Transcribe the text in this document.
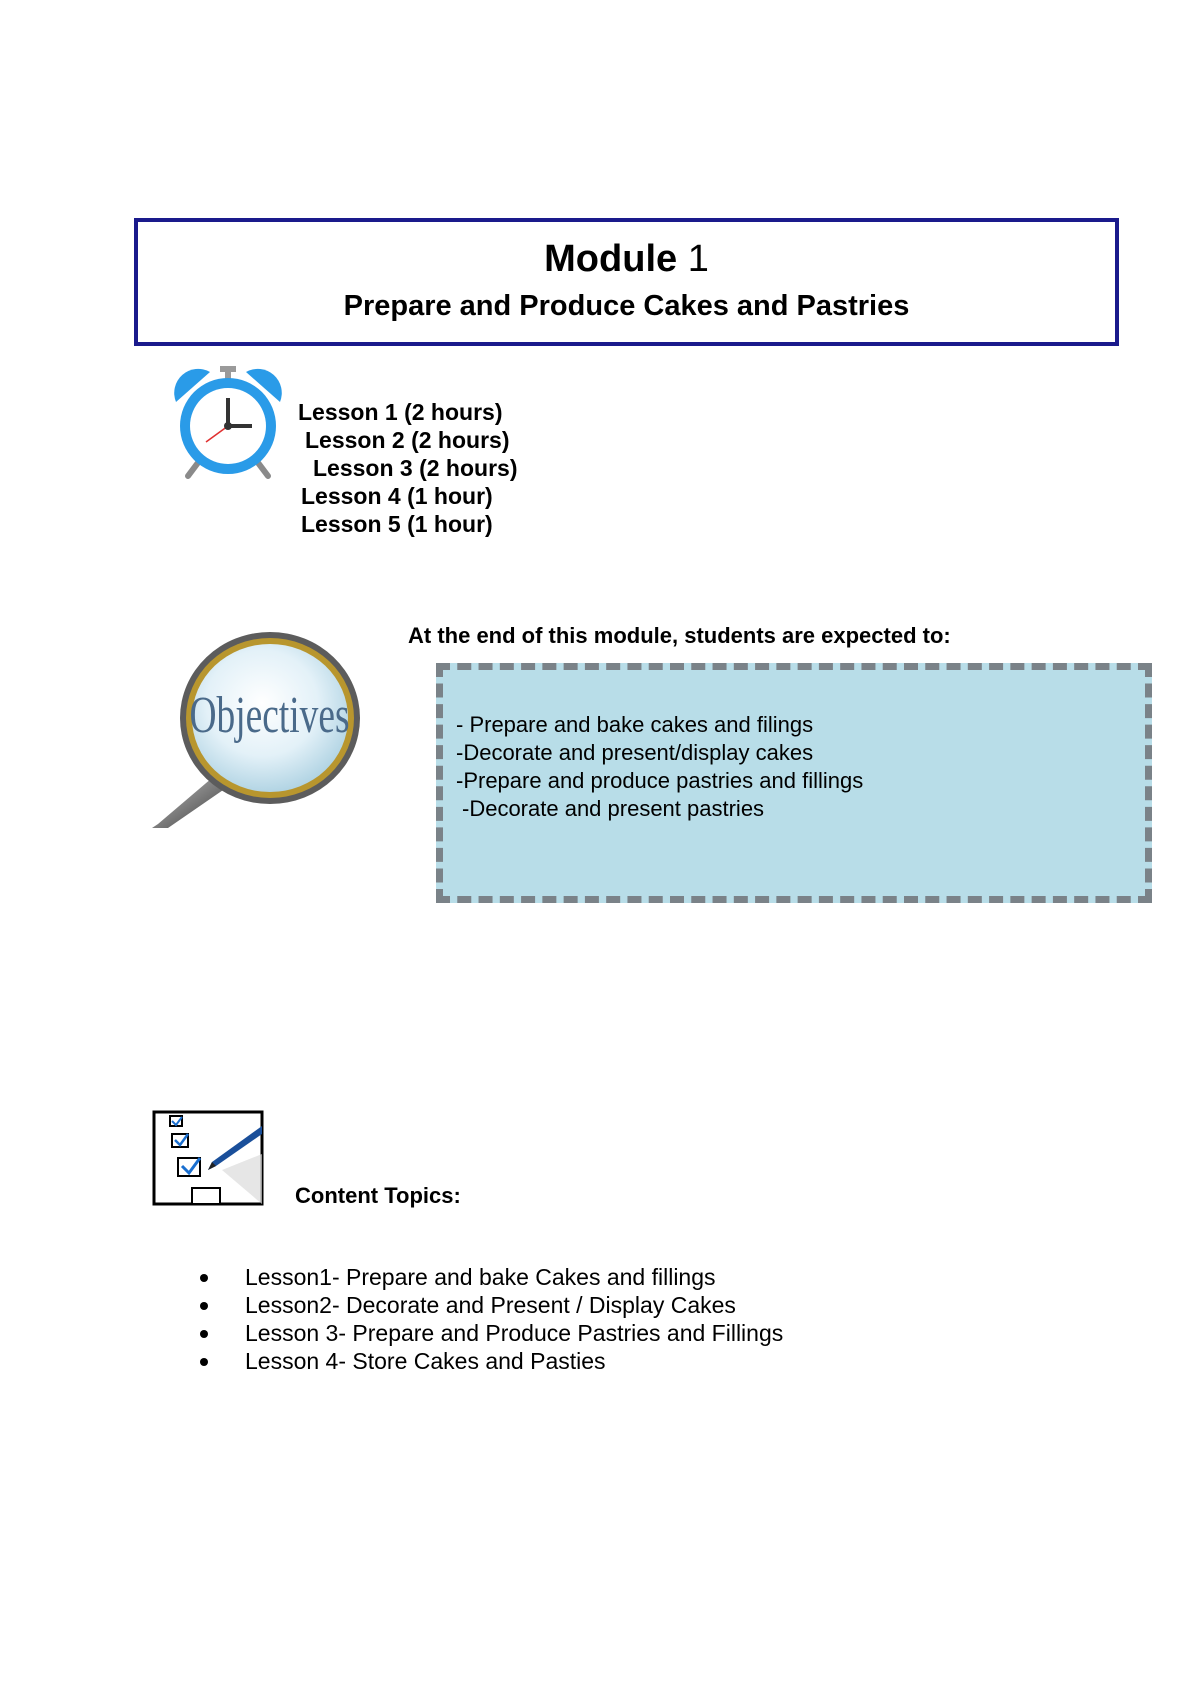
Module 1
Prepare and Produce Cakes and Pastries
Lesson 1 (2 hours)
Lesson 2 (2 hours)
Lesson 3 (2 hours)
Lesson 4 (1 hour)
Lesson 5 (1 hour)
Objectives
At the end of this module, students are expected to:
- Prepare and bake cakes and filings
-Decorate and present/display cakes
-Prepare and produce pastries and fillings
-Decorate and present pastries
Content Topics:
Lesson1- Prepare and bake Cakes and fillings
Lesson2- Decorate and Present / Display Cakes
Lesson 3- Prepare and Produce Pastries and Fillings
Lesson 4- Store Cakes and Pasties
